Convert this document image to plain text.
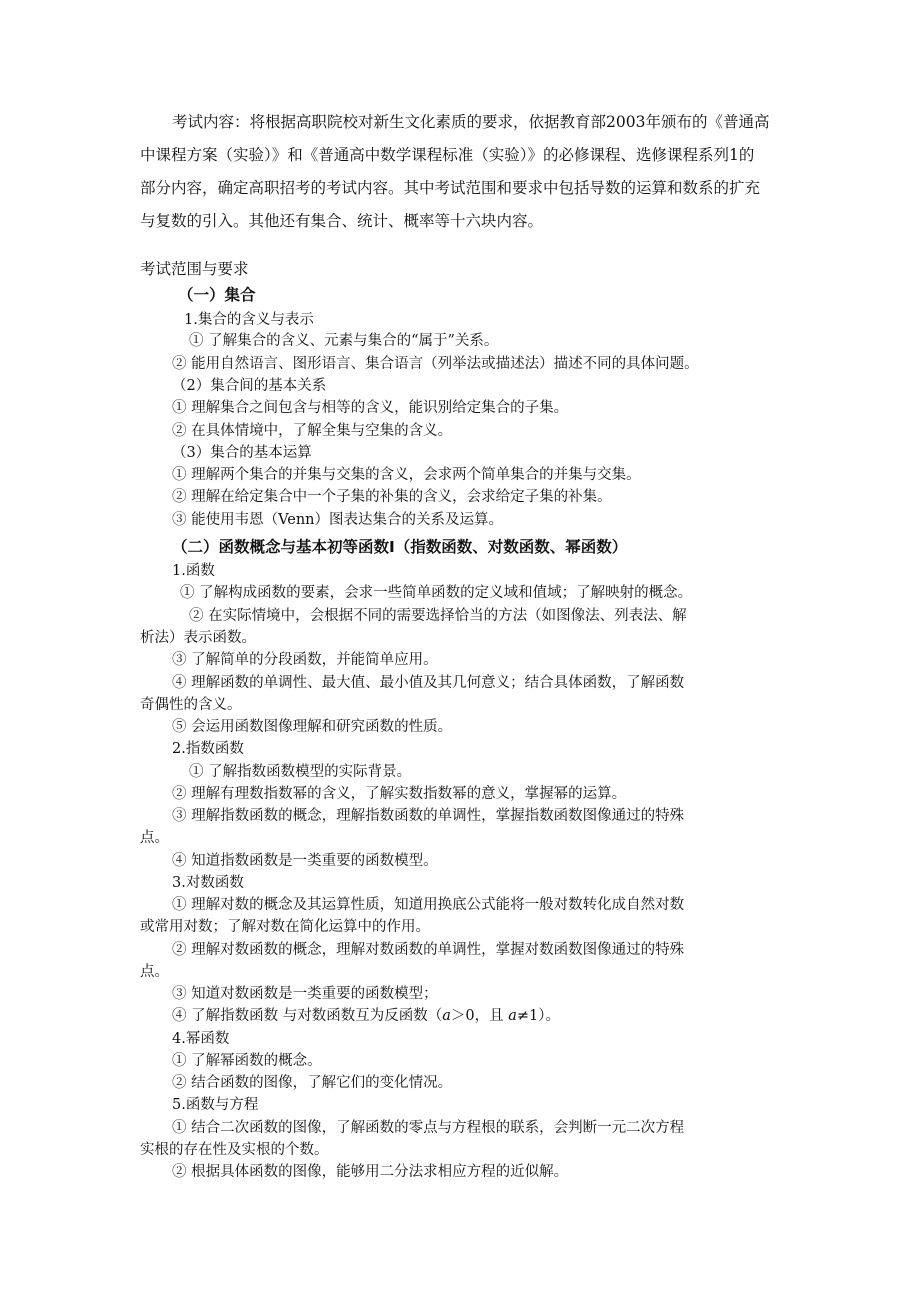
考试内容：将根据高职院校对新生文化素质的要求，依据教育部2003年颁布的《普通高
中课程方案（实验）》和《普通高中数学课程标准（实验）》的必修课程、选修课程系列1的
部分内容，确定高职招考的考试内容。其中考试范围和要求中包括导数的运算和数系的扩充
与复数的引入。其他还有集合、统计、概率等十六块内容。
考试范围与要求
（一）集合
1.集合的含义与表示
① 了解集合的含义、元素与集合的“属于”关系。
② 能用自然语言、图形语言、集合语言（列举法或描述法）描述不同的具体问题。
（2）集合间的基本关系
① 理解集合之间包含与相等的含义，能识别给定集合的子集。
② 在具体情境中，了解全集与空集的含义。
（3）集合的基本运算
① 理解两个集合的并集与交集的含义，会求两个简单集合的并集与交集。
② 理解在给定集合中一个子集的补集的含义，会求给定子集的补集。
③ 能使用韦恩（Venn）图表达集合的关系及运算。
（二）函数概念与基本初等函数Ⅰ（指数函数、对数函数、幂函数）
1.函数
① 了解构成函数的要素，会求一些简单函数的定义域和值域；了解映射的概念。
② 在实际情境中，会根据不同的需要选择恰当的方法（如图像法、列表法、解
析法）表示函数。
③ 了解简单的分段函数，并能简单应用。
④ 理解函数的单调性、最大值、最小值及其几何意义；结合具体函数，了解函数
奇偶性的含义。
⑤ 会运用函数图像理解和研究函数的性质。
2.指数函数
① 了解指数函数模型的实际背景。
② 理解有理数指数幂的含义，了解实数指数幂的意义，掌握幂的运算。
③ 理解指数函数的概念，理解指数函数的单调性，掌握指数函数图像通过的特殊
点。
④ 知道指数函数是一类重要的函数模型。
3.对数函数
① 理解对数的概念及其运算性质，知道用换底公式能将一般对数转化成自然对数
或常用对数；了解对数在简化运算中的作用。
② 理解对数函数的概念，理解对数函数的单调性，掌握对数函数图像通过的特殊
点。
③ 知道对数函数是一类重要的函数模型；
④ 了解指数函数 与对数函数互为反函数（a＞0，且 a≠1）。
4.幂函数
① 了解幂函数的概念。
② 结合函数的图像，了解它们的变化情况。
5.函数与方程
① 结合二次函数的图像，了解函数的零点与方程根的联系，会判断一元二次方程
实根的存在性及实根的个数。
② 根据具体函数的图像，能够用二分法求相应方程的近似解。
